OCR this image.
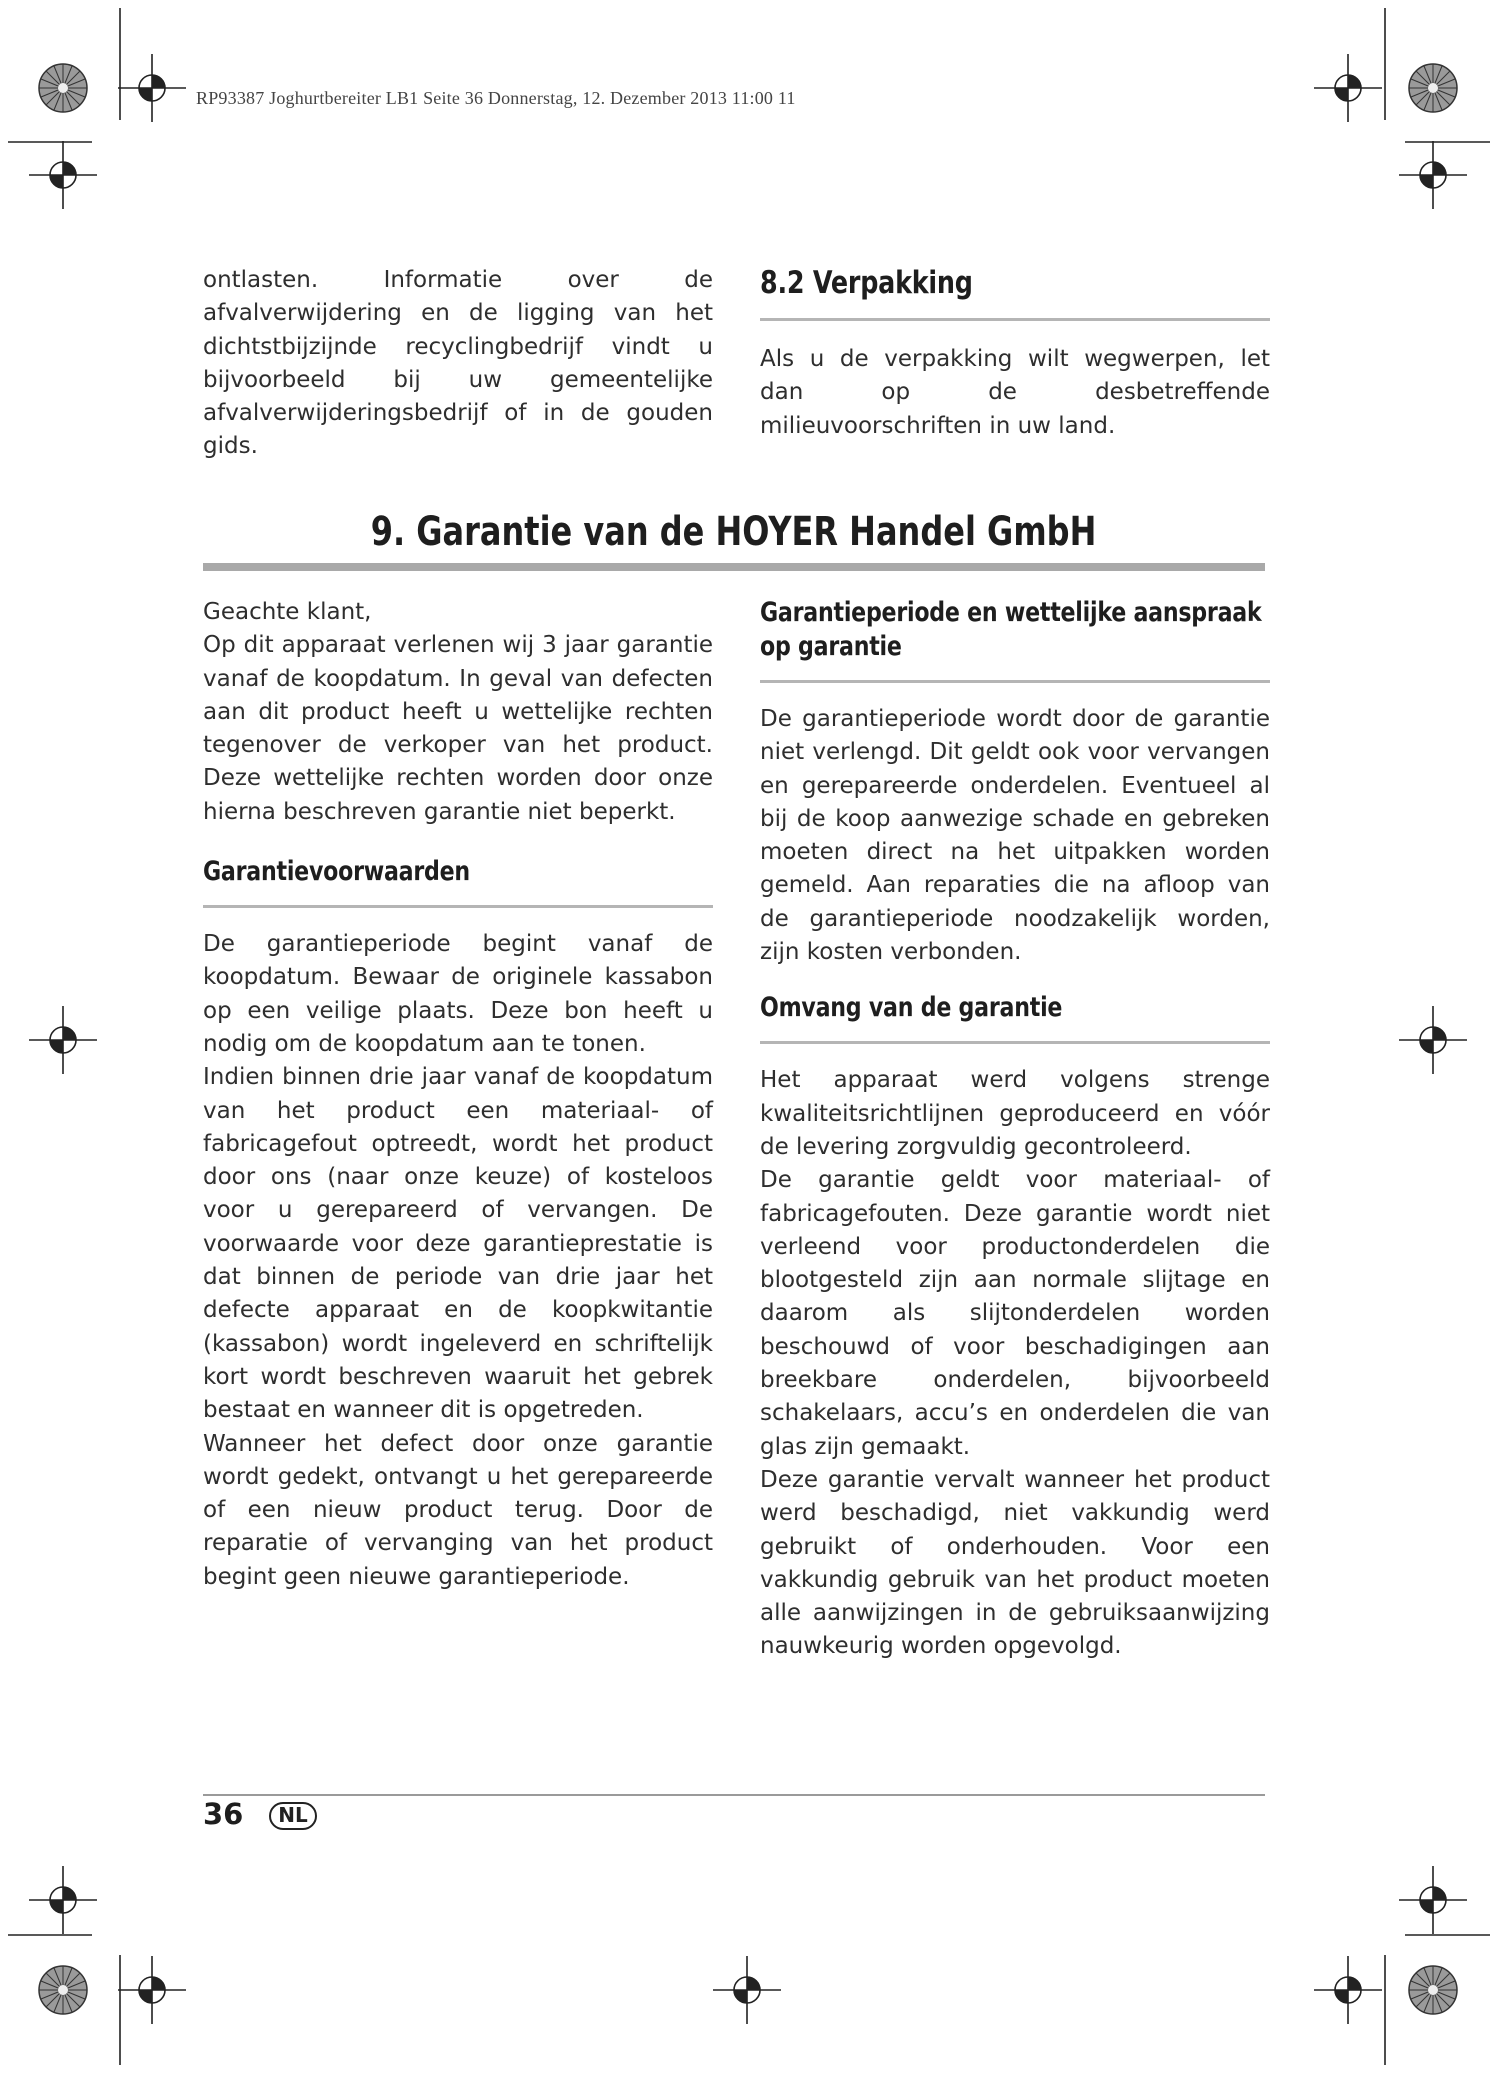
RP93387 Joghurtbereiter LB1 Seite 36 Donnerstag, 12. Dezember 2013 11:00 11

ontlasten. Informatie over de afvalverwijdering en de ligging van het dichtstbijzijnde recyclingbedrijf vindt u bijvoorbeeld bij uw gemeentelijke afvalverwijderingsbedrijf of in de gouden gids.

8.2 Verpakking

Als u de verpakking wilt wegwerpen, let dan op de desbetreffende milieuvoorschriften in uw land.

9. Garantie van de HOYER Handel GmbH

Geachte klant,

Op dit apparaat verlenen wij 3 jaar garantie vanaf de koopdatum. In geval van defecten aan dit product heeft u wettelijke rechten tegenover de verkoper van het product. Deze wettelijke rechten worden door onze hierna beschreven garantie niet beperkt.

Garantievoorwaarden

De garantieperiode begint vanaf de koopdatum. Bewaar de originele kassabon op een veilige plaats. Deze bon heeft u nodig om de koopdatum aan te tonen.

Indien binnen drie jaar vanaf de koopdatum van het product een materiaal- of fabricagefout optreedt, wordt het product door ons (naar onze keuze) of kosteloos voor u gerepareerd of vervangen. De voorwaarde voor deze garantieprestatie is dat binnen de periode van drie jaar het defecte apparaat en de koopkwitantie (kassabon) wordt ingeleverd en schriftelijk kort wordt beschreven waaruit het gebrek bestaat en wanneer dit is opgetreden.

Wanneer het defect door onze garantie wordt gedekt, ontvangt u het gerepareerde of een nieuw product terug. Door de reparatie of vervanging van het product begint geen nieuwe garantieperiode.

Garantieperiode en wettelijke aanspraak op garantie

De garantieperiode wordt door de garantie niet verlengd. Dit geldt ook voor vervangen en gerepareerde onderdelen. Eventueel al bij de koop aanwezige schade en gebreken moeten direct na het uitpakken worden gemeld. Aan reparaties die na afloop van de garantieperiode noodzakelijk worden, zijn kosten verbonden.

Omvang van de garantie

Het apparaat werd volgens strenge kwaliteitsrichtlijnen geproduceerd en vóór de levering zorgvuldig gecontroleerd.

De garantie geldt voor materiaal- of fabricagefouten. Deze garantie wordt niet verleend voor productonderdelen die blootgesteld zijn aan normale slijtage en daarom als slijtonderdelen worden beschouwd of voor beschadigingen aan breekbare onderdelen, bijvoorbeeld schakelaars, accu’s en onderdelen die van glas zijn gemaakt.

Deze garantie vervalt wanneer het product werd beschadigd, niet vakkundig werd gebruikt of onderhouden. Voor een vakkundig gebruik van het product moeten alle aanwijzingen in de gebruiksaanwijzing nauwkeurig worden opgevolgd.

36	NL
